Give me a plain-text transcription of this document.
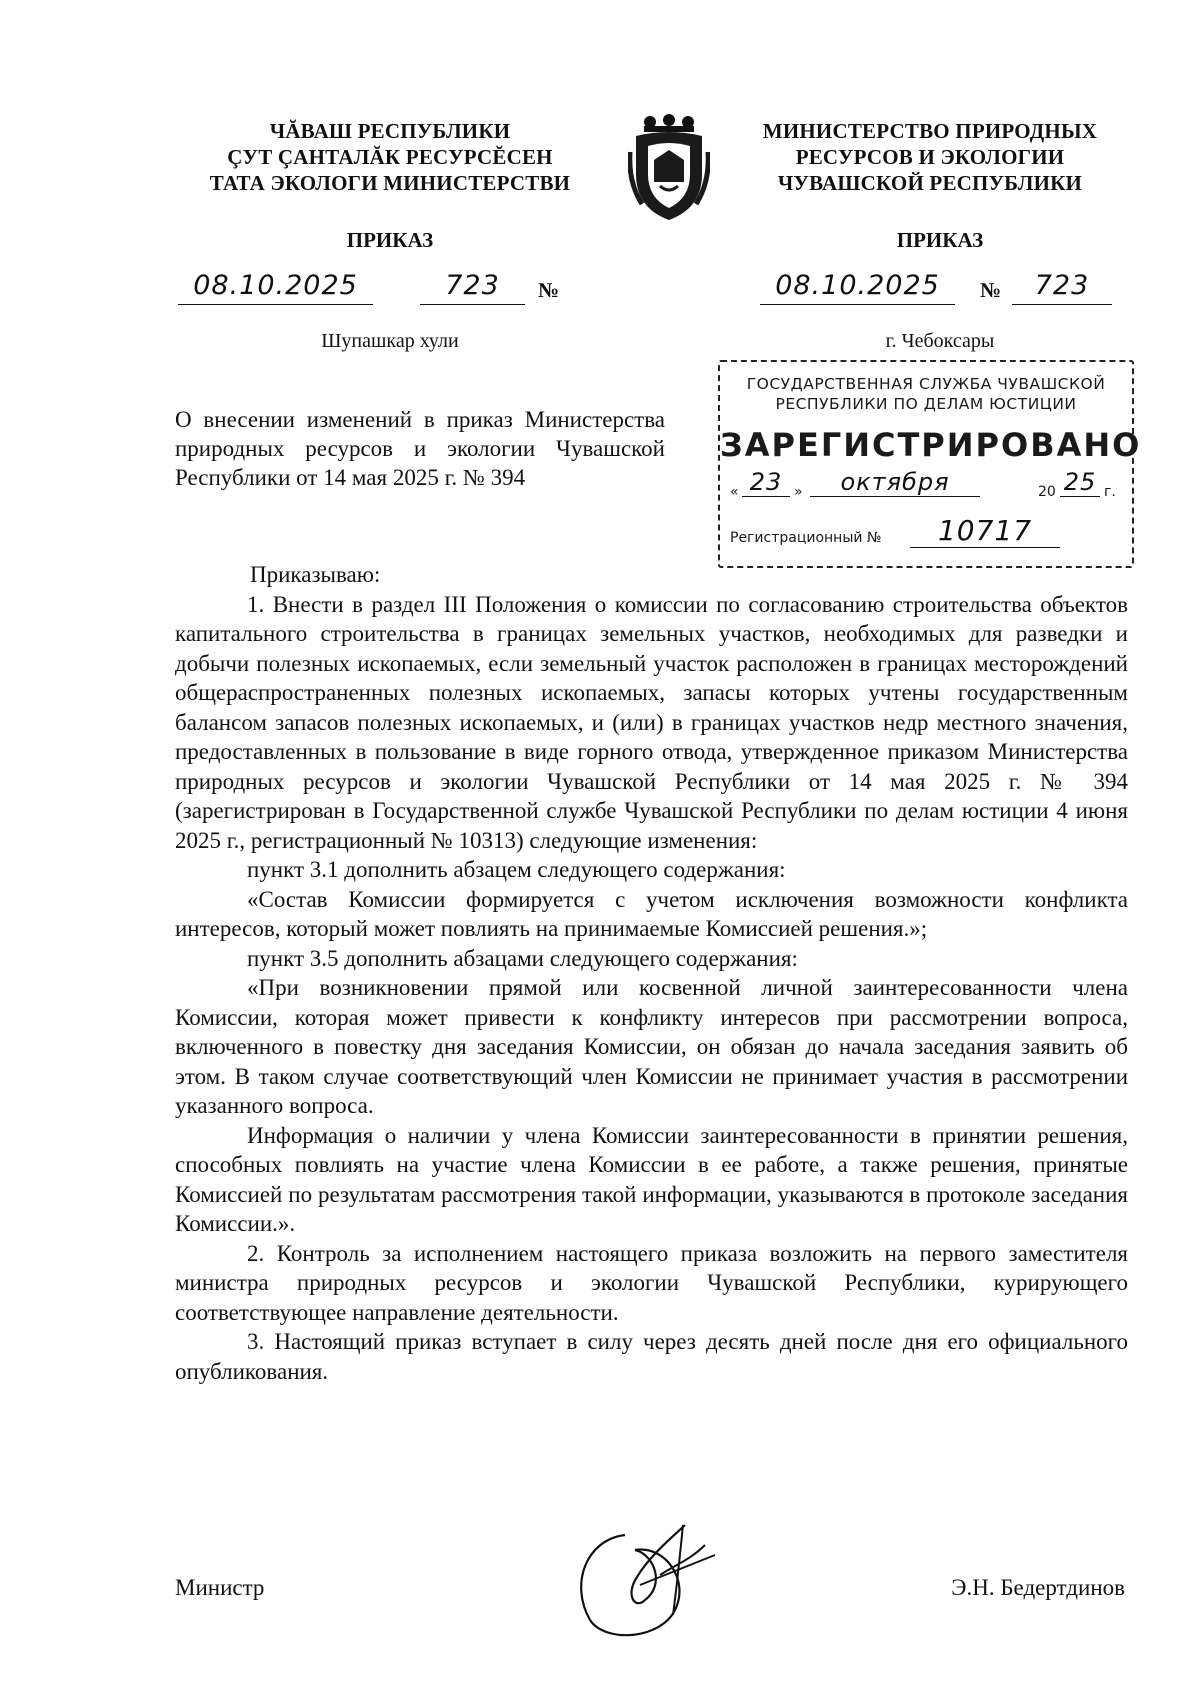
ЧĂВАШ РЕСПУБЛИКИ
ÇУТ ÇАНТАЛĂК РЕСУРСĔСЕН
ТАТА ЭКОЛОГИ МИНИСТЕРСТВИ
МИНИСТЕРСТВО ПРИРОДНЫХ
РЕСУРСОВ И ЭКОЛОГИИ
ЧУВАШСКОЙ РЕСПУБЛИКИ
ПРИКАЗ	ПРИКАЗ
08.10.2025	723	№	08.10.2025	№	723
Шупашкар хули	г. Чебоксары
ГОСУДАРСТВЕННАЯ СЛУЖБА ЧУВАШСКОЙ
РЕСПУБЛИКИ ПО ДЕЛАМ ЮСТИЦИИ
ЗАРЕГИСТРИРОВАНО
« 23 »	октября	20 25 г.
Регистрационный №	10717
О внесении изменений в приказ Министерства природных ресурсов и экологии Чувашской Республики от 14 мая 2025 г. № 394

Приказываю:

1. Внести в раздел III Положения о комиссии по согласованию строительства объектов капитального строительства в границах земельных участков, необходимых для разведки и добычи полезных ископаемых, если земельный участок расположен в границах месторождений общераспространенных полезных ископаемых, запасы которых учтены государственным балансом запасов полезных ископаемых, и (или) в границах участков недр местного значения, предоставленных в пользование в виде горного отвода, утвержденное приказом Министерства природных ресурсов и экологии Чувашской Республики от 14 мая 2025 г. № 394 (зарегистрирован в Государственной службе Чувашской Республики по делам юстиции 4 июня 2025 г., регистрационный № 10313) следующие изменения:

пункт 3.1 дополнить абзацем следующего содержания:

«Состав Комиссии формируется с учетом исключения возможности конфликта интересов, который может повлиять на принимаемые Комиссией решения.»;

пункт 3.5 дополнить абзацами следующего содержания:

«При возникновении прямой или косвенной личной заинтересованности члена Комиссии, которая может привести к конфликту интересов при рассмотрении вопроса, включенного в повестку дня заседания Комиссии, он обязан до начала заседания заявить об этом. В таком случае соответствующий член Комиссии не принимает участия в рассмотрении указанного вопроса.

Информация о наличии у члена Комиссии заинтересованности в принятии решения, способных повлиять на участие члена Комиссии в ее работе, а также решения, принятые Комиссией по результатам рассмотрения такой информации, указываются в протоколе заседания Комиссии.».

2. Контроль за исполнением настоящего приказа возложить на первого заместителя министра природных ресурсов и экологии Чувашской Республики, курирующего соответствующее направление деятельности.

3. Настоящий приказ вступает в силу через десять дней после дня его официального опубликования.

Министр	Э.Н. Бедертдинов
